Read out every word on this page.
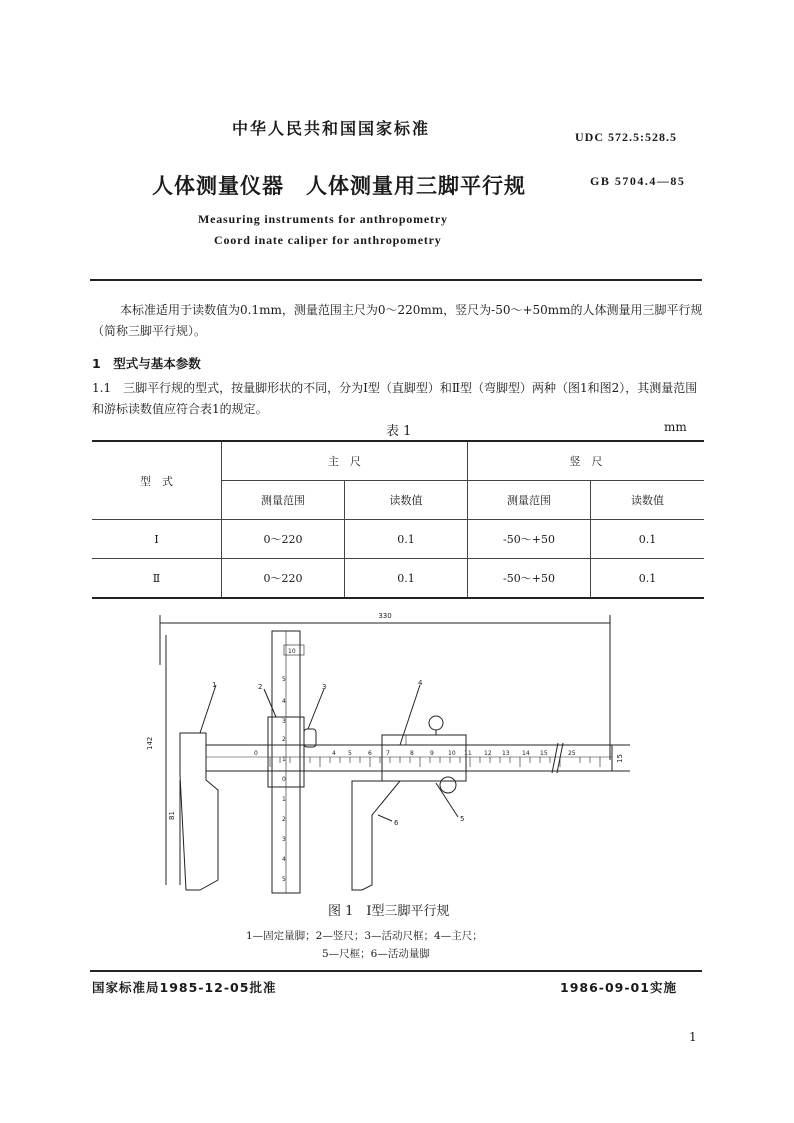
中华人民共和国国家标准	UDC 572.5:528.5
人体测量仪器　人体测量用三脚平行规	GB 5704.4—85
Measuring instruments for anthropometry
Coord inate caliper for anthropometry
本标准适用于读数值为0.1mm，测量范围主尺为0～220mm，竖尺为-50～+50mm的人体测量用三脚平行规（简称三脚平行规）。
1　型式与基本参数
1.1　三脚平行规的型式，按量脚形状的不同，分为Ⅰ型（直脚型）和Ⅱ型（弯脚型）两种（图1和图2），其测量范围和游标读数值应符合表1的规定。
表 1	mm
型　式	主　尺		竖　尺	
	测量范围	读数值	测量范围	读数值
Ⅰ	0～220	0.1	-50～+50	0.1
Ⅱ	0～220	0.1	-50～+50	0.1
330
142
81
1
0	4 5	6 7	8	9 10 11 12 13 14 15	25
15
10
5
4
3
2
1
0
1
2
3
4
5
2	3	4
5
6
图 1　Ⅰ型三脚平行规
1—固定量脚；2—竖尺；3—活动尺框；4—主尺；
5—尺框；6—活动量脚
国家标准局1985-12-05批准	1986-09-01实施
1
